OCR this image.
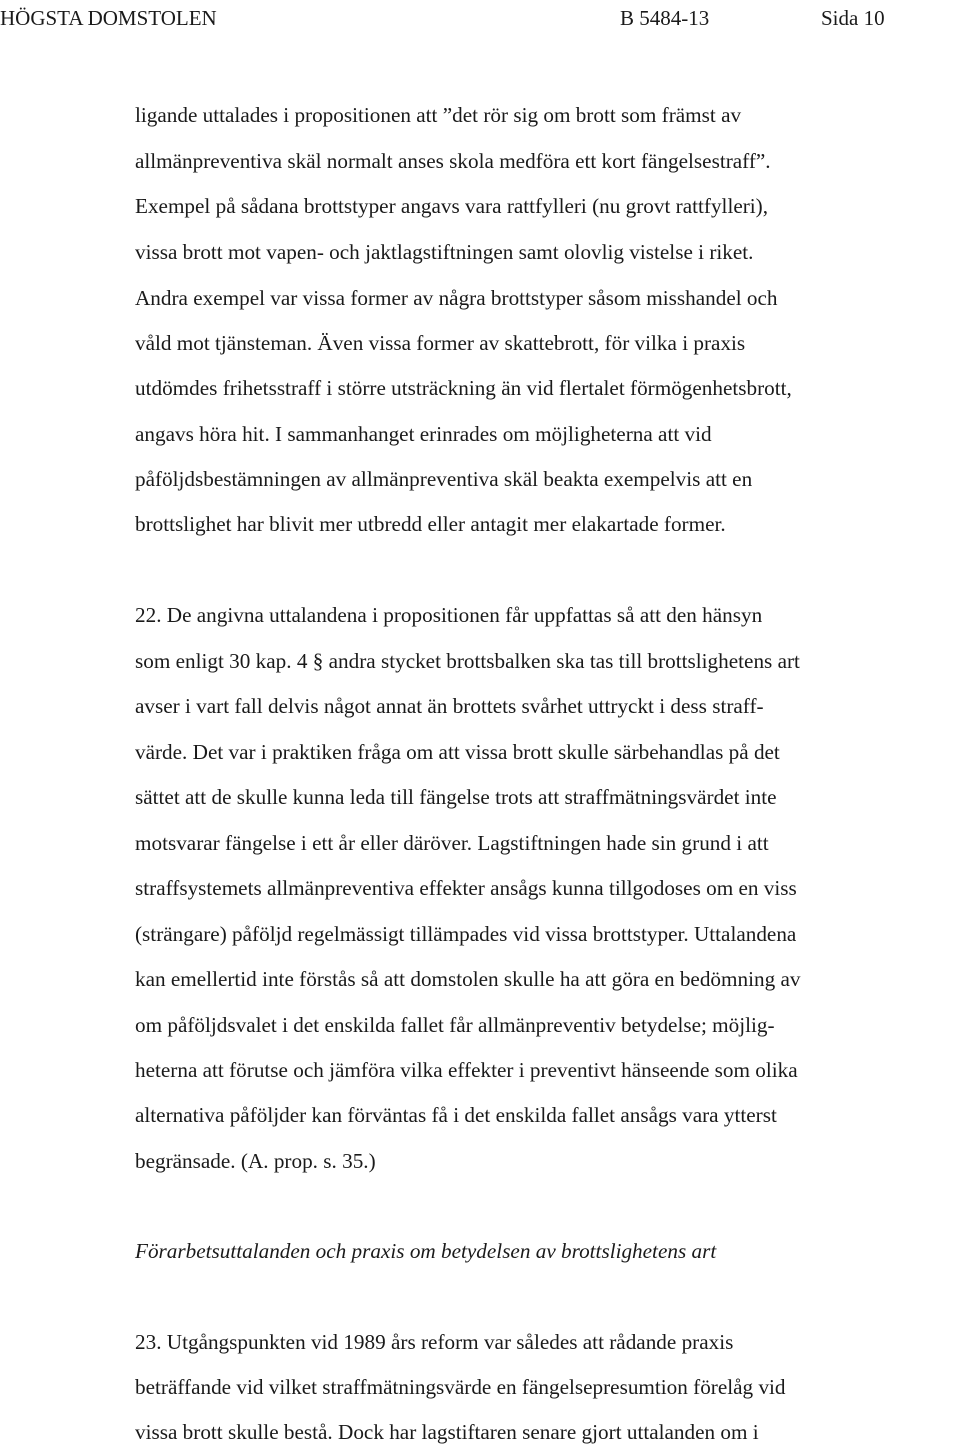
HÖGSTA DOMSTOLEN	B 5484-13	Sida 10
ligande uttalades i propositionen att ”det rör sig om brott som främst av
allmänpreventiva skäl normalt anses skola medföra ett kort fängelsestraff”.
Exempel på sådana brottstyper angavs vara rattfylleri (nu grovt rattfylleri),
vissa brott mot vapen- och jaktlagstiftningen samt olovlig vistelse i riket.
Andra exempel var vissa former av några brottstyper såsom misshandel och
våld mot tjänsteman. Även vissa former av skattebrott, för vilka i praxis
utdömdes frihetsstraff i större utsträckning än vid flertalet förmögenhetsbrott,
angavs höra hit. I sammanhanget erinrades om möjligheterna att vid
påföljdsbestämningen av allmänpreventiva skäl beakta exempelvis att en
brottslighet har blivit mer utbredd eller antagit mer elakartade former.
22. De angivna uttalandena i propositionen får uppfattas så att den hänsyn
som enligt 30 kap. 4 § andra stycket brottsbalken ska tas till brottslighetens art
avser i vart fall delvis något annat än brottets svårhet uttryckt i dess straff-
värde. Det var i praktiken fråga om att vissa brott skulle särbehandlas på det
sättet att de skulle kunna leda till fängelse trots att straffmätningsvärdet inte
motsvarar fängelse i ett år eller däröver. Lagstiftningen hade sin grund i att
straffsystemets allmänpreventiva effekter ansågs kunna tillgodoses om en viss
(strängare) påföljd regelmässigt tillämpades vid vissa brottstyper. Uttalandena
kan emellertid inte förstås så att domstolen skulle ha att göra en bedömning av
om påföljdsvalet i det enskilda fallet får allmänpreventiv betydelse; möjlig-
heterna att förutse och jämföra vilka effekter i preventivt hänseende som olika
alternativa påföljder kan förväntas få i det enskilda fallet ansågs vara ytterst
begränsade. (A. prop. s. 35.)
Förarbetsuttalanden och praxis om betydelsen av brottslighetens art
23. Utgångspunkten vid 1989 års reform var således att rådande praxis
beträffande vid vilket straffmätningsvärde en fängelsepresumtion förelåg vid
vissa brott skulle bestå. Dock har lagstiftaren senare gjort uttalanden om i
